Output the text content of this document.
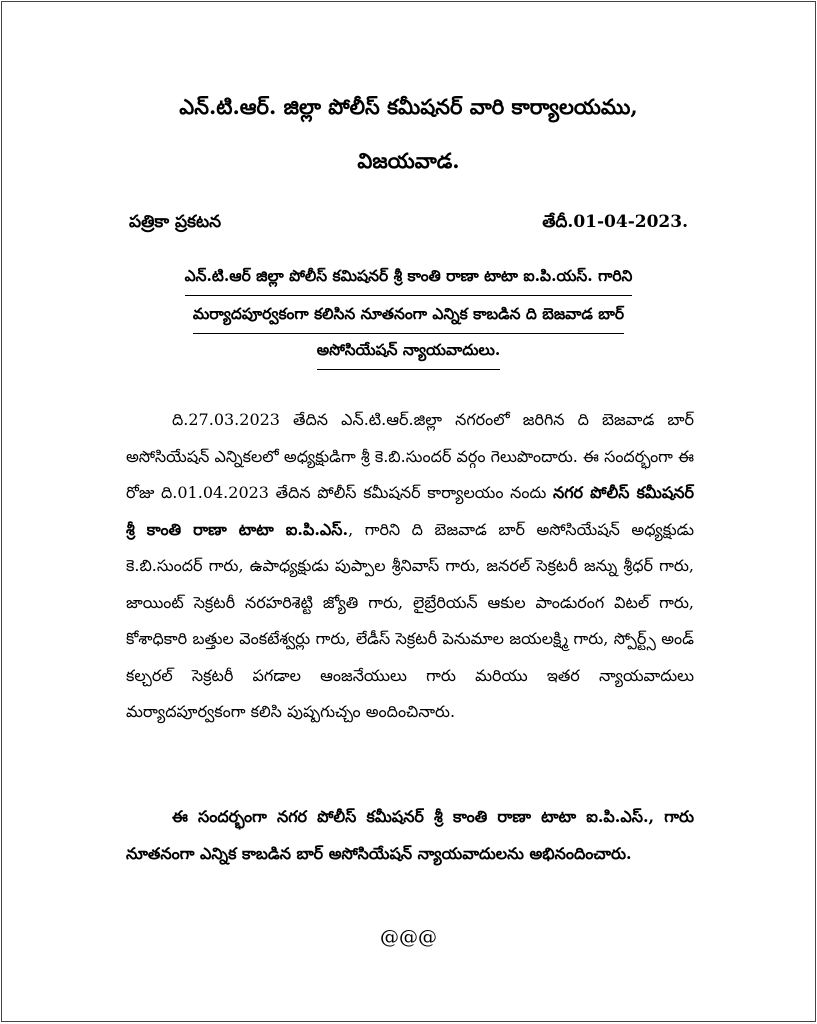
ఎన్.టి.ఆర్. జిల్లా పోలీస్ కమీషనర్ వారి కార్యాలయము,
విజయవాడ.
పత్రికా ప్రకటన	తేదీ.01-04-2023.
ఎన్.టి.ఆర్ జిల్లా పోలీస్ కమిషనర్ శ్రీ కాంతి రాణా టాటా ఐ.పి.యస్. గారిని
మర్యాదపూర్వకంగా కలిసిన నూతనంగా ఎన్నిక కాబడిన ది బెజవాడ బార్
అసోసియేషన్ న్యాయవాదులు.
ది.27.03.2023 తేదిన ఎన్.టి.ఆర్.జిల్లా నగరంలో జరిగిన ది బెజవాడ బార్ అసోసియేషన్ ఎన్నికలలో అధ్యక్షుడిగా శ్రీ కె.బి.సుందర్ వర్గం గెలుపొందారు. ఈ సందర్భంగా ఈ రోజు ది.01.04.2023 తేదిన పోలీస్ కమీషనర్ కార్యాలయం నందు నగర పోలీస్ కమీషనర్ శ్రీ కాంతి రాణా టాటా ఐ.పి.ఎస్., గారిని ది బెజవాడ బార్ అసోసియేషన్ అధ్యక్షుడు కె.బి.సుందర్ గారు, ఉపాధ్యక్షుడు పుప్పాల శ్రీనివాస్ గారు, జనరల్ సెక్రటరీ జన్ను శ్రీధర్ గారు, జాయింట్ సెక్రటరీ నరహరిశెట్టి జ్యోతి గారు, లైబ్రేరియన్ ఆకుల పాండురంగ విటల్ గారు, కోశాధికారి బత్తుల వెంకటేశ్వర్లు గారు, లేడీస్ సెక్రటరీ పెనుమాల జయలక్ష్మి గారు, స్పోర్ట్స్ అండ్ కల్చరల్ సెక్రటరీ పగడాల ఆంజనేయులు గారు మరియు ఇతర న్యాయవాదులు మర్యాదపూర్వకంగా కలిసి పుష్పగుచ్చం అందించినారు.
ఈ సందర్భంగా నగర పోలీస్ కమీషనర్ శ్రీ కాంతి రాణా టాటా ఐ.పి.ఎస్., గారు నూతనంగా ఎన్నిక కాబడిన బార్ అసోసియేషన్ న్యాయవాదులను అభినందించారు.
@@@
